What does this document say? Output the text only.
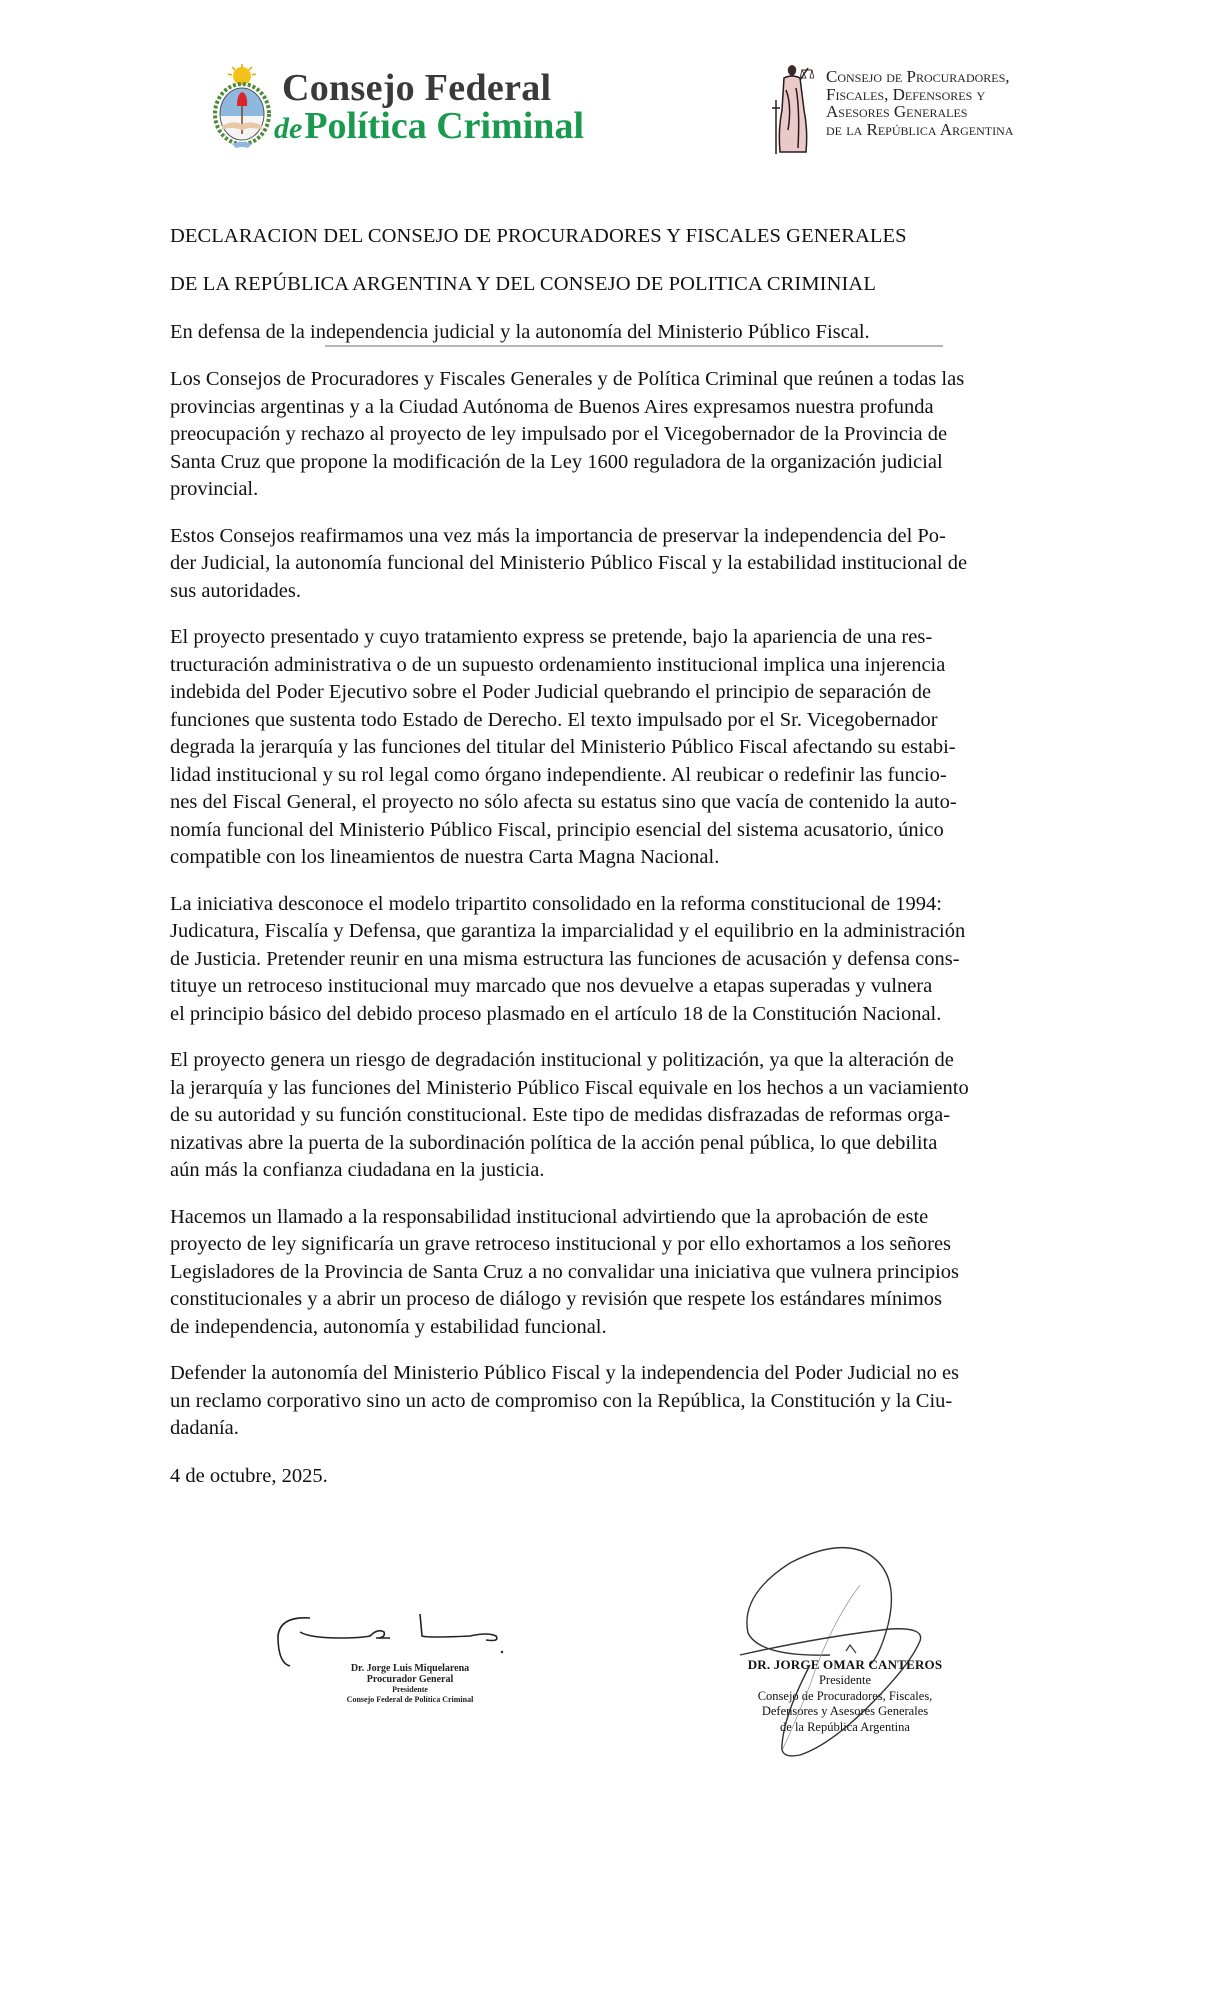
Consejo Federal
dePolítica Criminal
Consejo de Procuradores,
Fiscales, Defensores y
Asesores Generales
de la República Argentina
DECLARACION DEL CONSEJO DE PROCURADORES Y FISCALES GENERALES
DE LA REPÚBLICA ARGENTINA Y DEL CONSEJO DE POLITICA CRIMINIAL
En defensa de la independencia judicial y la autonomía del Ministerio Público Fiscal.
Los Consejos de Procuradores y Fiscales Generales y de Política Criminal que reúnen a todas las
provincias argentinas y a la Ciudad Autónoma de Buenos Aires expresamos nuestra profunda
preocupación y rechazo al proyecto de ley impulsado por el Vicegobernador de la Provincia de
Santa Cruz que propone la modificación de la Ley 1600 reguladora de la organización judicial
provincial.
Estos Consejos reafirmamos una vez más la importancia de preservar la independencia del Po-
der Judicial, la autonomía funcional del Ministerio Público Fiscal y la estabilidad institucional de
sus autoridades.
El proyecto presentado y cuyo tratamiento express se pretende, bajo la apariencia de una res-
tructuración administrativa o de un supuesto ordenamiento institucional implica una injerencia
indebida del Poder Ejecutivo sobre el Poder Judicial quebrando el principio de separación de
funciones que sustenta todo Estado de Derecho. El texto impulsado por el Sr. Vicegobernador
degrada la jerarquía y las funciones del titular del Ministerio Público Fiscal afectando su estabi-
lidad institucional y su rol legal como órgano independiente. Al reubicar o redefinir las funcio-
nes del Fiscal General, el proyecto no sólo afecta su estatus sino que vacía de contenido la auto-
nomía funcional del Ministerio Público Fiscal, principio esencial del sistema acusatorio, único
compatible con los lineamientos de nuestra Carta Magna Nacional.
La iniciativa desconoce el modelo tripartito consolidado en la reforma constitucional de 1994:
Judicatura, Fiscalía y Defensa, que garantiza la imparcialidad y el equilibrio en la administración
de Justicia. Pretender reunir en una misma estructura las funciones de acusación y defensa cons-
tituye un retroceso institucional muy marcado que nos devuelve a etapas superadas y vulnera
el principio básico del debido proceso plasmado en el artículo 18 de la Constitución Nacional.
El proyecto genera un riesgo de degradación institucional y politización, ya que la alteración de
la jerarquía y las funciones del Ministerio Público Fiscal equivale en los hechos a un vaciamiento
de su autoridad y su función constitucional. Este tipo de medidas disfrazadas de reformas orga-
nizativas abre la puerta de la subordinación política de la acción penal pública, lo que debilita
aún más la confianza ciudadana en la justicia.
Hacemos un llamado a la responsabilidad institucional advirtiendo que la aprobación de este
proyecto de ley significaría un grave retroceso institucional y por ello exhortamos a los señores
Legisladores de la Provincia de Santa Cruz a no convalidar una iniciativa que vulnera principios
constitucionales y a abrir un proceso de diálogo y revisión que respete los estándares mínimos
de independencia, autonomía y estabilidad funcional.
Defender la autonomía del Ministerio Público Fiscal y la independencia del Poder Judicial no es
un reclamo corporativo sino un acto de compromiso con la República, la Constitución y la Ciu-
dadanía.
4 de octubre, 2025.
Dr. Jorge Luis Miquelarena
Procurador General
Presidente
Consejo Federal de Política Criminal
DR. JORGE OMAR CANTEROS
Presidente
Consejo de Procuradores, Fiscales,
Defensores y Asesores Generales
de la República Argentina
